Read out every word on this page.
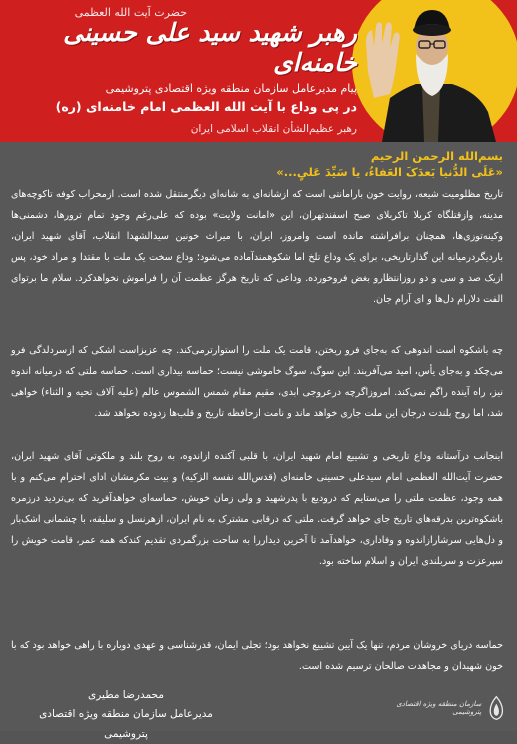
حضرت آیت الله العظمی
رهبر شهید سید علی حسینی خامنه‌ای
پیام مدیرعامل سازمان منطقه ویژه اقتصادی پتروشیمی
در پی وداع با آیت الله العظمی امام خامنه‌ای (ره)
رهبر عظیم‌الشأن انقلاب اسلامی ایران
بسم‌الله الرحمن الرحیم
«عَلَی الدُّنیا بَعدَکَ العَفاءُ، یا سَیِّدَ عَلیٍ...»
تاریخ مظلومیت شیعه، روایت خون بارامانتی است که ازشانه‌ای به شانه‌ای دیگرمنتقل شده است. ازمحراب کوفه تاکوچه‌های مدینه، وازقتلگاه کربلا تاکربلای صبح اسفندتهران، این «امانت ولایت» بوده که علی‌رغم وجود تمام ترورها، دشمنی‌ها وکینه‌توزی‌ها، همچنان برافراشته مانده است وامروز، ایران، با میراث خونین سیدالشهدا انقلاب، آقای شهید ایران، باردیگردرمیانه این گذارتاریخی، برای یک وداع تلخ اما شکوهمندآماده می‌شود؛ وداع سخت یک ملت با مقتدا و مراد خود، پس ازیک صد و سی و دو روزانتظارو بغض فروخورده. وداعی که تاریخ هرگز عظمت آن را فراموش نخواهدکرد. سلام ما برتوای الفت دلارام دل‌ها و ای آرام جان.
چه باشکوه است اندوهی که به‌جای فرو ریختن، قامت یک ملت را استوارترمی‌کند. چه عزیزاست اشکی که ازسردلدگی فرو می‌چکد و به‌جای یأس، امید می‌آفریند. این سوگ، سوگ خاموشی نیست؛ حماسه بیداری است. حماسه ملتی که درمیانه اندوه نیز، راه آینده راگم نمی‌کند. امروزاگرچه درعروجی ابدی، مقیم مقام شمس الشموس عالم (علیه آلاف تحیه و الثناء) خواهی شد، اما روح بلندت درجان این ملت جاری خواهد ماند و نامت ازحافظه تاریخ و قلب‌ها زدوده نخواهد شد.
اینجانب درآستانه وداع تاریخی و تشییع امام شهید ایران، با قلبی آکنده ازاندوه، به روح بلند و ملکوتی آقای شهید ایران، حضرت آیت‌الله العظمی امام سیدعلی حسینی خامنه‌ای (قدس‌الله نفسه الزکیه) و بیت مکرمشان ادای احترام می‌کنم و با همه وجود، عظمت ملتی را می‌ستایم که درودیع با پدرشهید و ولی زمان خویش، حماسه‌ای خواهدآفرید که بی‌تردید درزمره باشکوه‌ترین بدرقه‌های تاریخ جای خواهد گرفت. ملتی که درقابی مشترک به نام ایران، ازهرنسل و سلیقه، با چشمانی اشک‌بار و دل‌هایی سرشارازاندوه و وفاداری، خواهدآمد تا آخرین دیداررا به ساحت بزرگمردی تقدیم کندکه همه عمر، قامت خویش را سپرعزت و سربلندی ایران و اسلام ساخته بود.
حماسه دریای خروشان مردم، تنها یک آیین تشییع نخواهد بود؛ تجلی ایمان، قدرشناسی و عهدی دوباره با راهی خواهد بود که با خون شهیدان و مجاهدت صالحان ترسیم شده است.
محمدرضا مطیری
مدیرعامل سازمان منطقه ویژه اقتصادی پتروشیمی
سازمان منطقه ویژه اقتصادی پتروشیمی
